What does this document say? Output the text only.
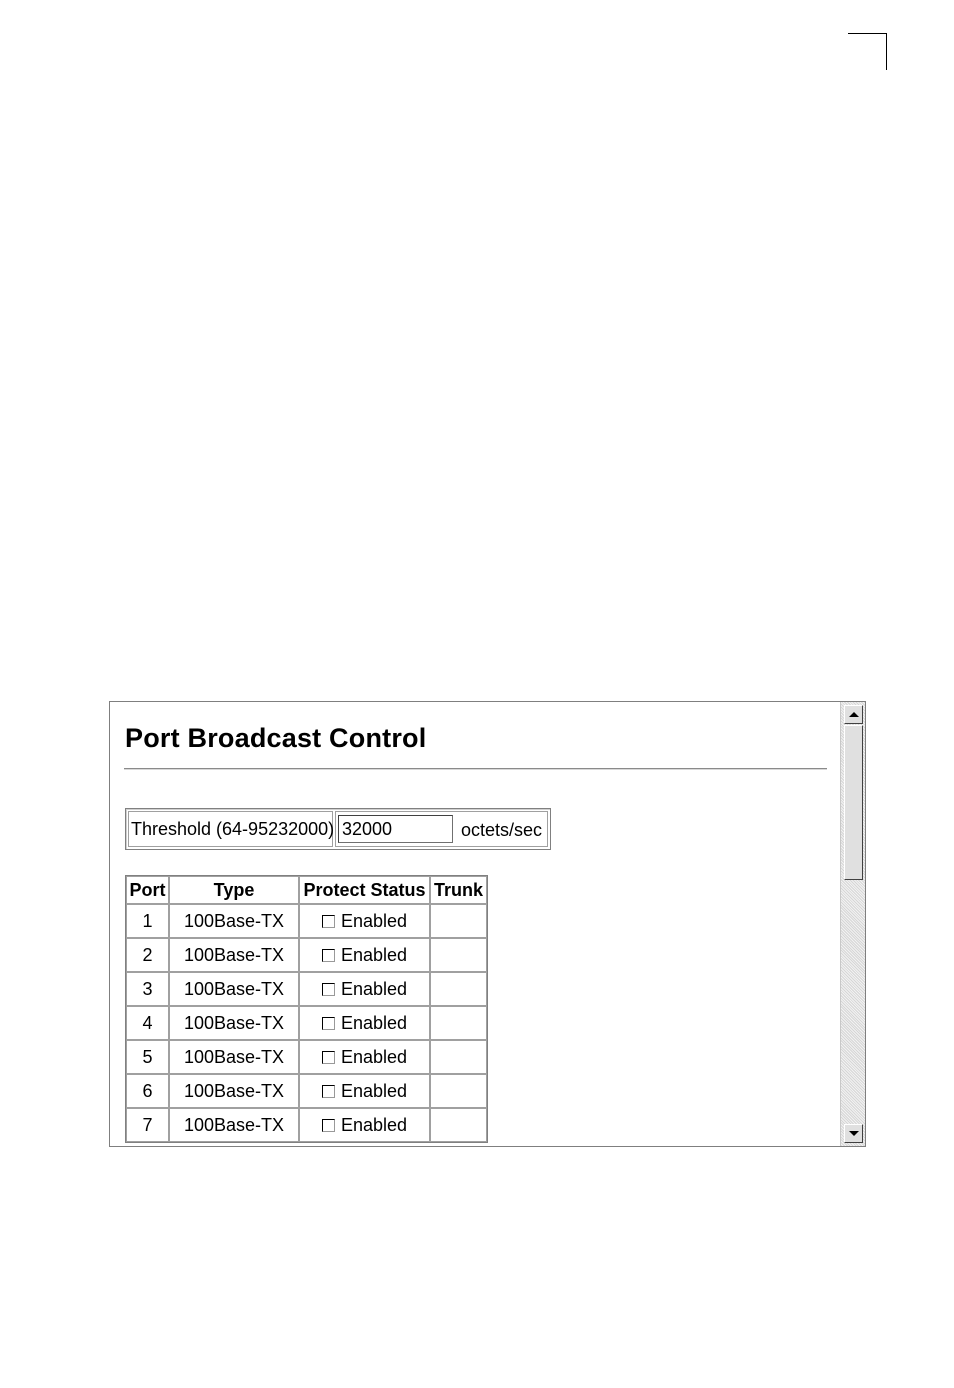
Port Broadcast Control
Threshold (64-95232000)
32000	octets/sec
Port	Type	Protect Status	Trunk
1	100Base-TX	Enabled	
2	100Base-TX	Enabled	
3	100Base-TX	Enabled	
4	100Base-TX	Enabled	
5	100Base-TX	Enabled	
6	100Base-TX	Enabled	
7	100Base-TX	Enabled	
